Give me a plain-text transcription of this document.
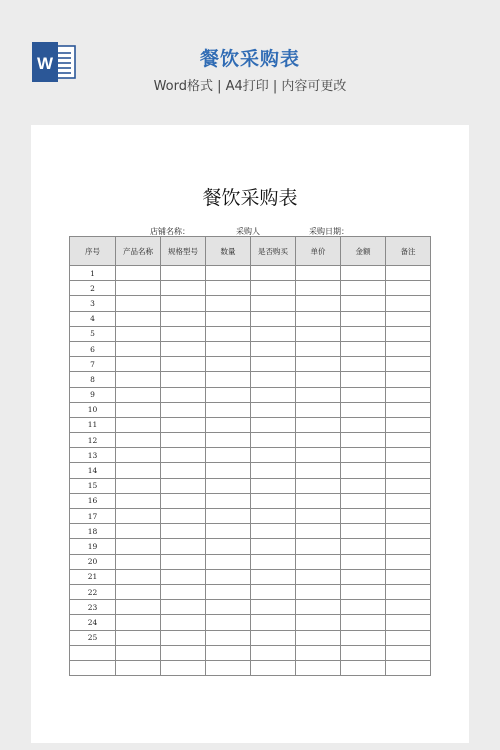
W	餐饮采购表
Word格式 | A4打印 | 内容可更改
餐饮采购表
店铺名称：	采购人	采购日期：
序号	产品名称	规格型号	数量	是否购买	单价	金额	备注
1							
2							
3							
4							
5							
6							
7							
8							
9							
10							
11							
12							
13							
14							
15							
16							
17							
18							
19							
20							
21							
22							
23							
24							
25							
